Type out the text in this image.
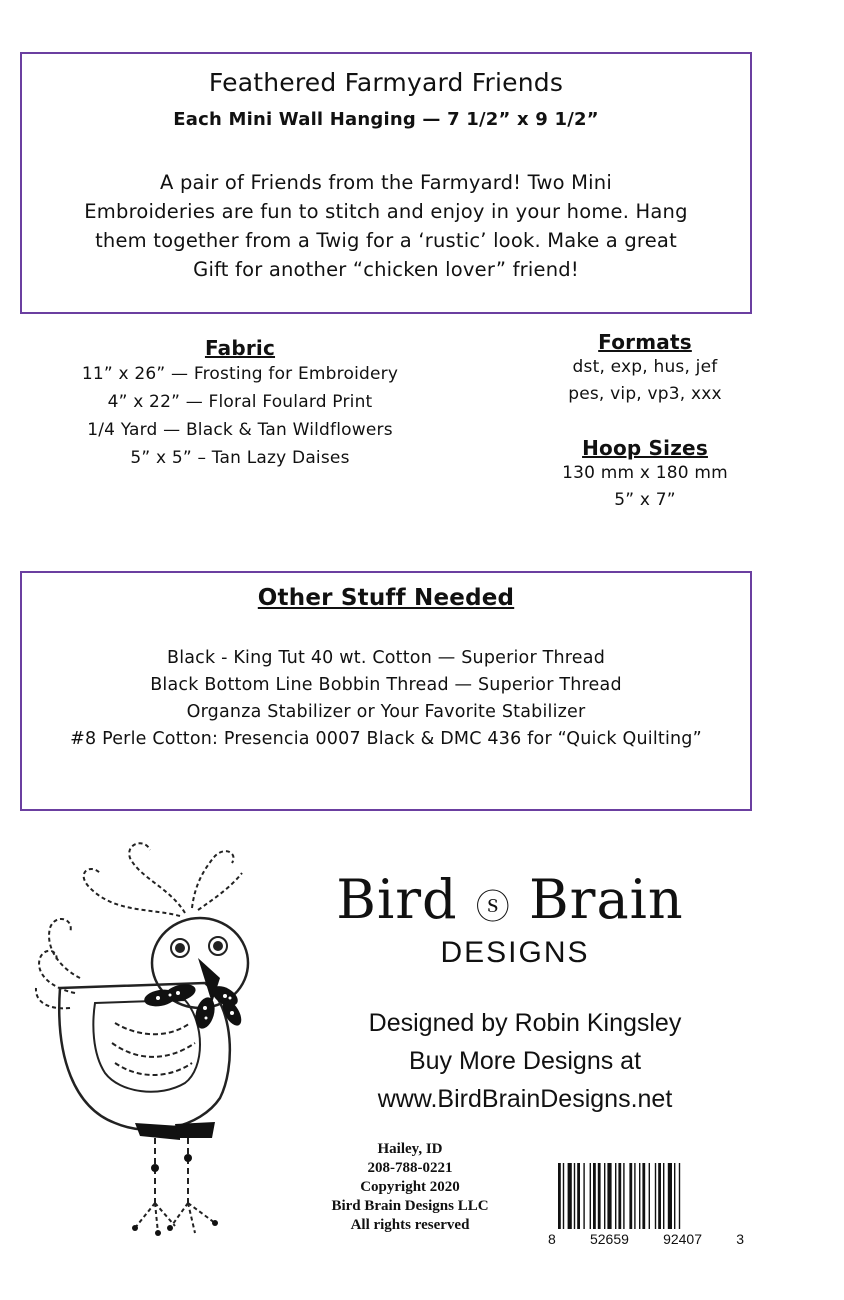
Feathered Farmyard Friends
Each Mini Wall Hanging — 7 1/2” x 9 1/2”
A pair of Friends from the Farmyard! Two Mini
Embroideries are fun to stitch and enjoy in your home. Hang
them together from a Twig for a ‘rustic’ look. Make a great
Gift for another “chicken lover” friend!
Fabric
11” x 26” — Frosting for Embroidery
4” x 22” — Floral Foulard Print
1/4 Yard — Black & Tan Wildflowers
5” x 5” – Tan Lazy Daises
Formats
dst, exp, hus, jef
pes, vip, vp3, xxx
Hoop Sizes
130 mm x 180 mm
5” x 7”
Other Stuff Needed
Black - King Tut 40 wt. Cotton — Superior Thread
Black Bottom Line Bobbin Thread — Superior Thread
Organza Stabilizer or Your Favorite Stabilizer
#8 Perle Cotton: Presencia 0007 Black & DMC 436 for “Quick Quilting”
Bird ⓢ Brain
DESIGNS
Designed by Robin Kingsley
Buy More Designs at
www.BirdBrainDesigns.net
Hailey, ID
208-788-0221
Copyright 2020
Bird Brain Designs LLC
All rights reserved
8 52659 92407 3
